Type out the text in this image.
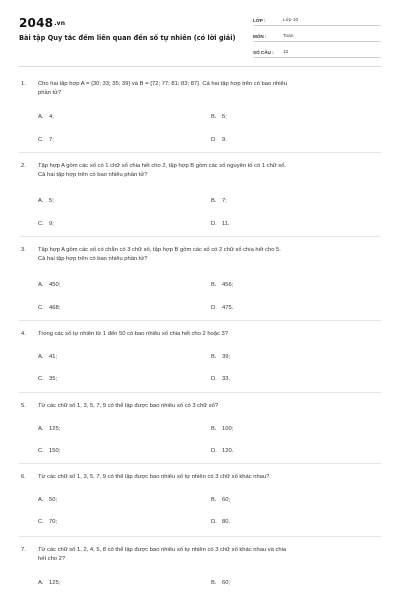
2048.vn
Bài tập Quy tắc đếm liên quan đến số tự nhiên (có lời giải)
LỚP :	Lớp 10
MÔN :	Toán
SỐ CÂU :	10
1. Cho hai tập hợp A = {30; 33; 35; 39} và B = {72; 77; 81; 83; 87}. Cả hai tập hợp trên có bao nhiêu
phần tử?
A. 4;	B. 5;
C. 7;	D. 9.
2. Tập hợp A gồm các số có 1 chữ số chia hết cho 2, tập hợp B gồm các số nguyên tố có 1 chữ số.
Cả hai tập hợp trên có bao nhiêu phần tử?
A. 5;	B. 7;
C. 9;	D. 11.
3. Tập hợp A gồm các số có chẵn có 3 chữ số, tập hợp B gồm các số có 2 chữ số chia hết cho 5.
Cả hai tập hợp trên có bao nhiêu phần tử?
A. 450;	B. 456;
C. 468;	D. 475.
4. Trong các số tự nhiên từ 1 đến 50 có bao nhiêu số chia hết cho 2 hoặc 3?
A. 41;	B. 39;
C. 35;	D. 33.
5. Từ các chữ số 1, 3, 5, 7, 9 có thể lập được bao nhiêu số có 3 chữ số?
A. 125;	B. 100;
C. 150;	D. 120.
6. Từ các chữ số 1, 3, 5, 7, 9 có thể lập được bao nhiêu số tự nhiên có 3 chữ số khác nhau?
A. 50;	B. 60;
C. 70;	D. 80.
7. Từ các chữ số 1, 2, 4, 5, 8 có thể lập được bao nhiêu số tự nhiên có 3 chữ số khác nhau và chia
hết cho 2?
A. 125;	B. 60;
